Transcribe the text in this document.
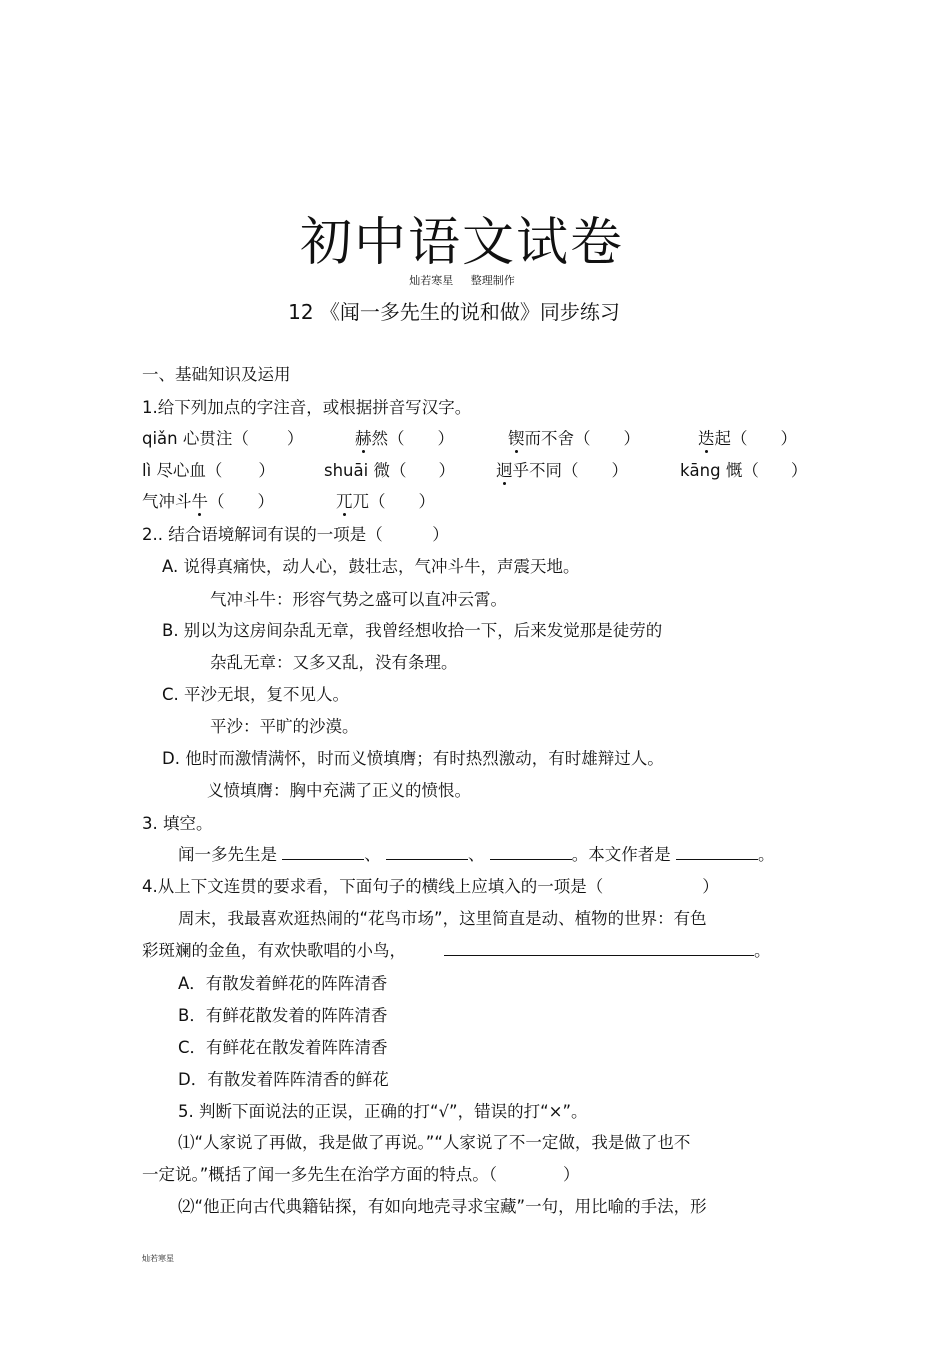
初中语文试卷
灿若寒星 整理制作
12 《闻一多先生的说和做》同步练习
一、基础知识及运用
1.给下列加点的字注音，或根据拼音写汉字。
qiǎn 心贯注（ ）	赫然（　　）	锲而不舍（　　）	迭起（　　）
lì 尽心血（ ）	shuāi 微（ ） 迥乎不同（　　）	kāng 慨（ ）
气冲斗牛（　　）	兀兀（　　）
2.. 结合语境解词有误的一项是（　　　）
A. 说得真痛快，动人心，鼓壮志，气冲斗牛，声震天地。
气冲斗牛：形容气势之盛可以直冲云霄。
B. 别以为这房间杂乱无章，我曾经想收拾一下，后来发觉那是徒劳的
杂乱无章：又多又乱，没有条理。
C. 平沙无垠，复不见人。
平沙：平旷的沙漠。
D. 他时而激情满怀，时而义愤填膺；有时热烈激动，有时雄辩过人。
义愤填膺：胸中充满了正义的愤恨。
3. 填空。
闻一多先生是	、	、	。本文作者是	。
4.从上下文连贯的要求看，下面句子的横线上应填入的一项是（　　　　　　）
周末，我最喜欢逛热闹的“花鸟市场”，这里简直是动、植物的世界：有色
彩斑斓的金鱼，有欢快歌唱的小鸟，	。
A．有散发着鲜花的阵阵清香
B．有鲜花散发着的阵阵清香
C．有鲜花在散发着阵阵清香
D．有散发着阵阵清香的鲜花
5. 判断下面说法的正误，正确的打“√”，错误的打“×”。
⑴“人家说了再做，我是做了再说。”“人家说了不一定做，我是做了也不
一定说。”概括了闻一多先生在治学方面的特点。（　　　　）
⑵“他正向古代典籍钻探，有如向地壳寻求宝藏”一句，用比喻的手法，形
灿若寒星
